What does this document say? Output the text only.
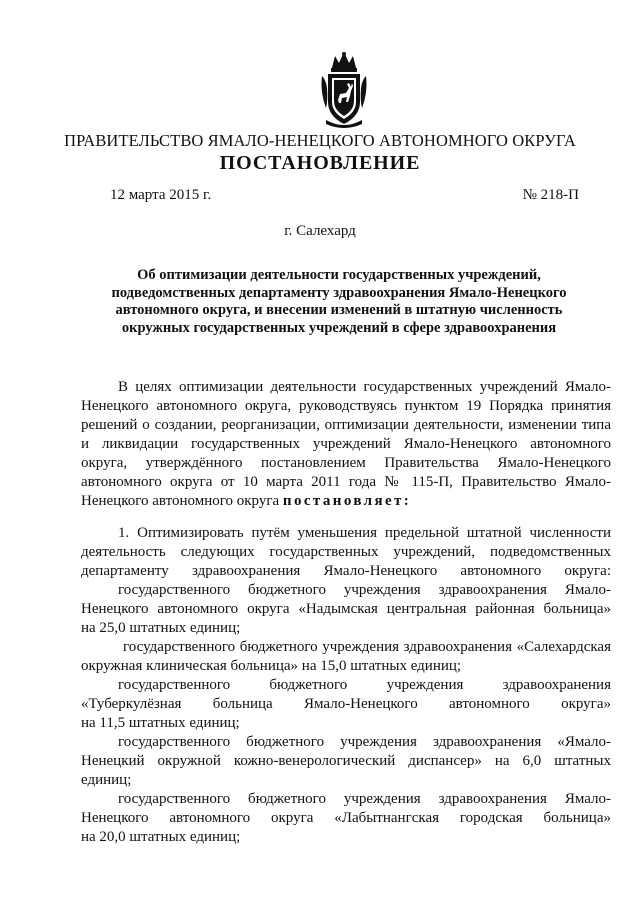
ПРАВИТЕЛЬСТВО ЯМАЛО-НЕНЕЦКОГО АВТОНОМНОГО ОКРУГА
ПОСТАНОВЛЕНИЕ
12 марта 2015 г.	№ 218-П
г. Салехард
Об оптимизации деятельности государственных учреждений,
подведомственных департаменту здравоохранения Ямало-Ненецкого
автономного округа, и внесении изменений в штатную численность
окружных государственных учреждений в сфере здравоохранения
В целях оптимизации деятельности государственных учреждений Ямало-
Ненецкого автономного округа, руководствуясь пунктом 19 Порядка принятия
решений о создании, реорганизации, оптимизации деятельности, изменении типа
и ликвидации государственных учреждений Ямало-Ненецкого автономного
округа, утверждённого постановлением Правительства Ямало-Ненецкого
автономного округа от 10 марта 2011 года № 115-П, Правительство Ямало-
Ненецкого автономного округа постановляет:
1. Оптимизировать путём уменьшения предельной штатной численности
деятельность следующих государственных учреждений, подведомственных
департаменту здравоохранения Ямало-Ненецкого автономного округа:
государственного бюджетного учреждения здравоохранения Ямало-
Ненецкого автономного округа «Надымская центральная районная больница»
на 25,0 штатных единиц;
государственного бюджетного учреждения здравоохранения «Салехардская
окружная клиническая больница» на 15,0 штатных единиц;
государственного бюджетного учреждения здравоохранения
«Туберкулёзная больница Ямало-Ненецкого автономного округа»
на 11,5 штатных единиц;
государственного бюджетного учреждения здравоохранения «Ямало-
Ненецкий окружной кожно-венерологический диспансер» на 6,0 штатных
единиц;
государственного бюджетного учреждения здравоохранения Ямало-
Ненецкого автономного округа «Лабытнангская городская больница»
на 20,0 штатных единиц;
